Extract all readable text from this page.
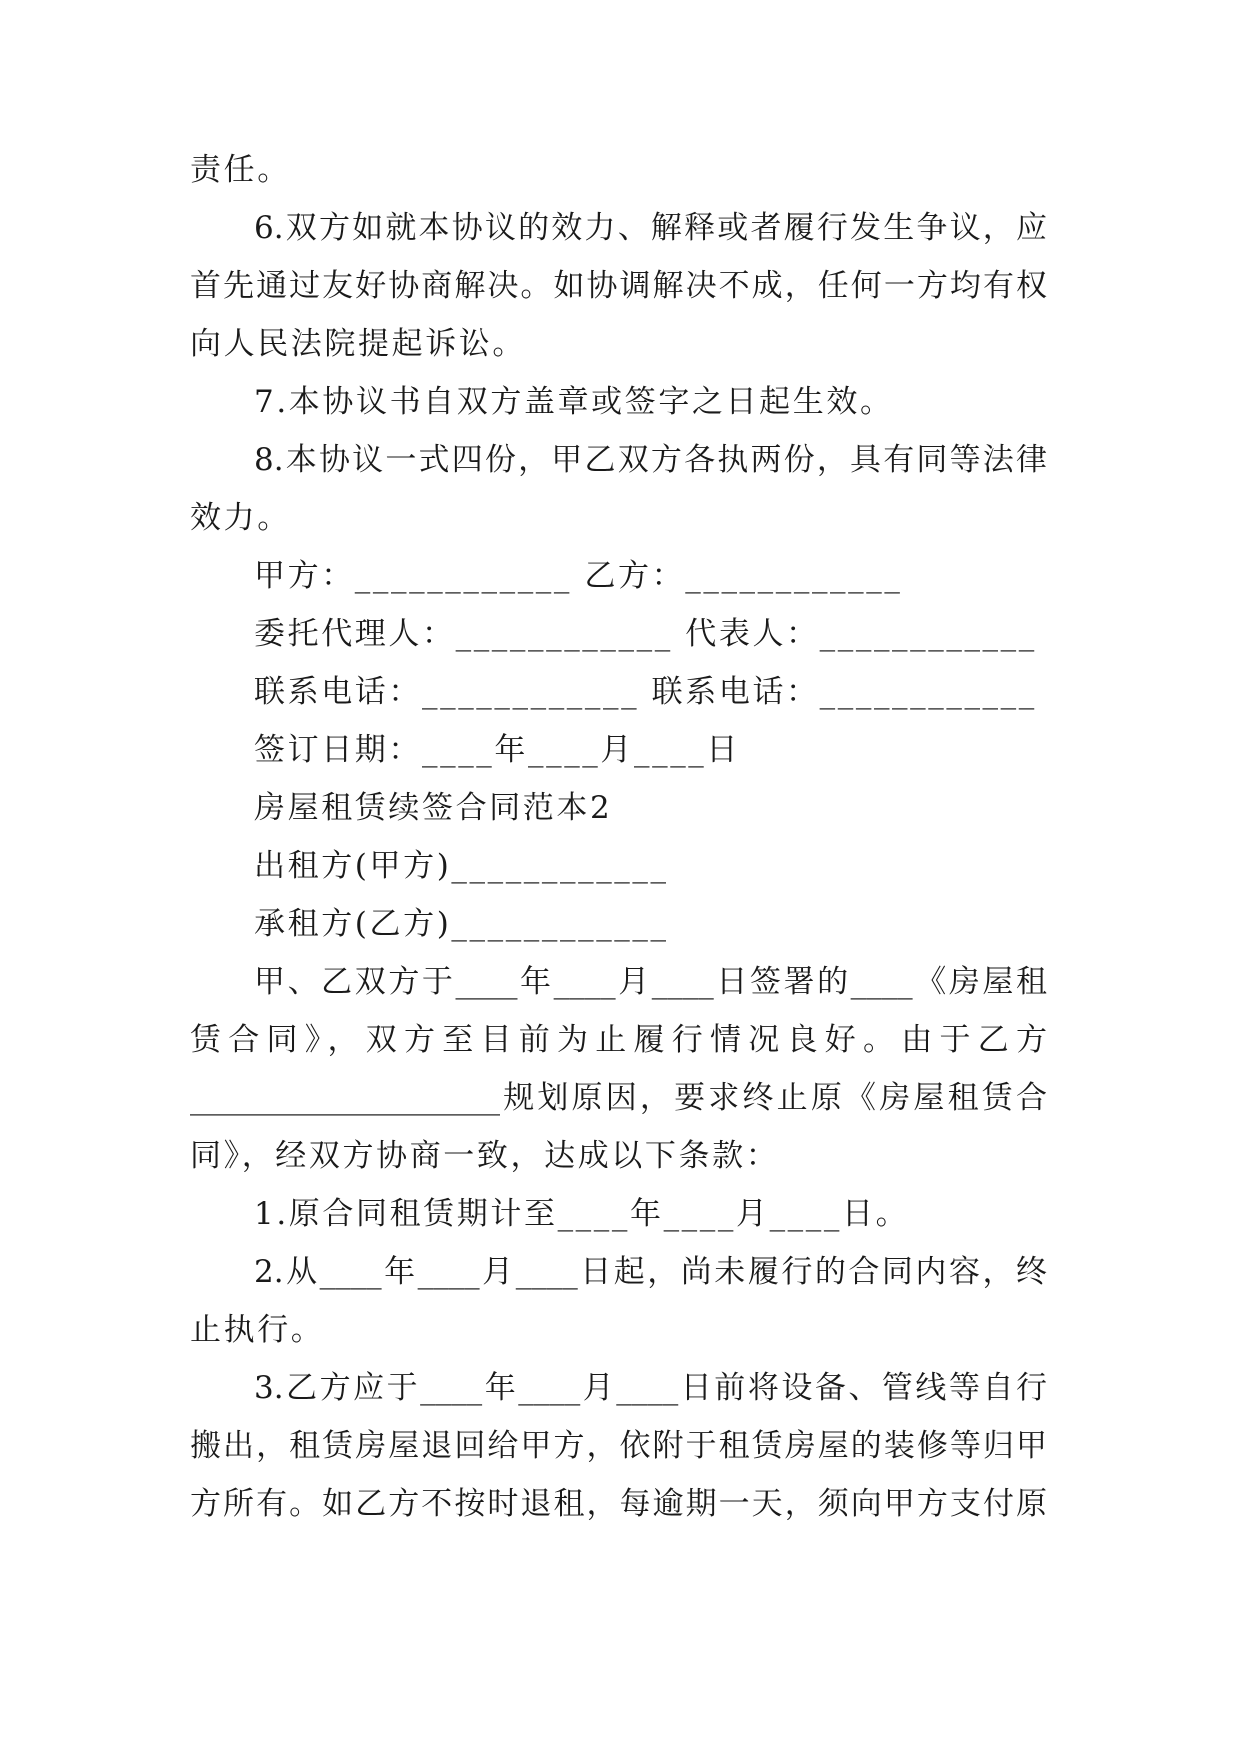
责任。
6.双方如就本协议的效力、解释或者履行发生争议，应
首先通过友好协商解决。如协调解决不成，任何一方均有权
向人民法院提起诉讼。
7.本协议书自双方盖章或签字之日起生效。
8.本协议一式四份，甲乙双方各执两份，具有同等法律
效力。
甲方：____________ 乙方：____________
委托代理人：____________ 代表人：____________
联系电话：____________ 联系电话：____________
签订日期：____年____月____日
房屋租赁续签合同范本2
出租方(甲方)____________
承租方(乙方)____________
甲、乙双方于____年____月____日签署的____《房屋租
赁合同》，双方至目前为止履行情况良好。由于乙方
____________________规划原因，要求终止原《房屋租赁合
同》，经双方协商一致，达成以下条款：
1.原合同租赁期计至____年____月____日。
2.从____年____月____日起，尚未履行的合同内容，终
止执行。
3.乙方应于____年____月____日前将设备、管线等自行
搬出，租赁房屋退回给甲方，依附于租赁房屋的装修等归甲
方所有。如乙方不按时退租，每逾期一天，须向甲方支付原
